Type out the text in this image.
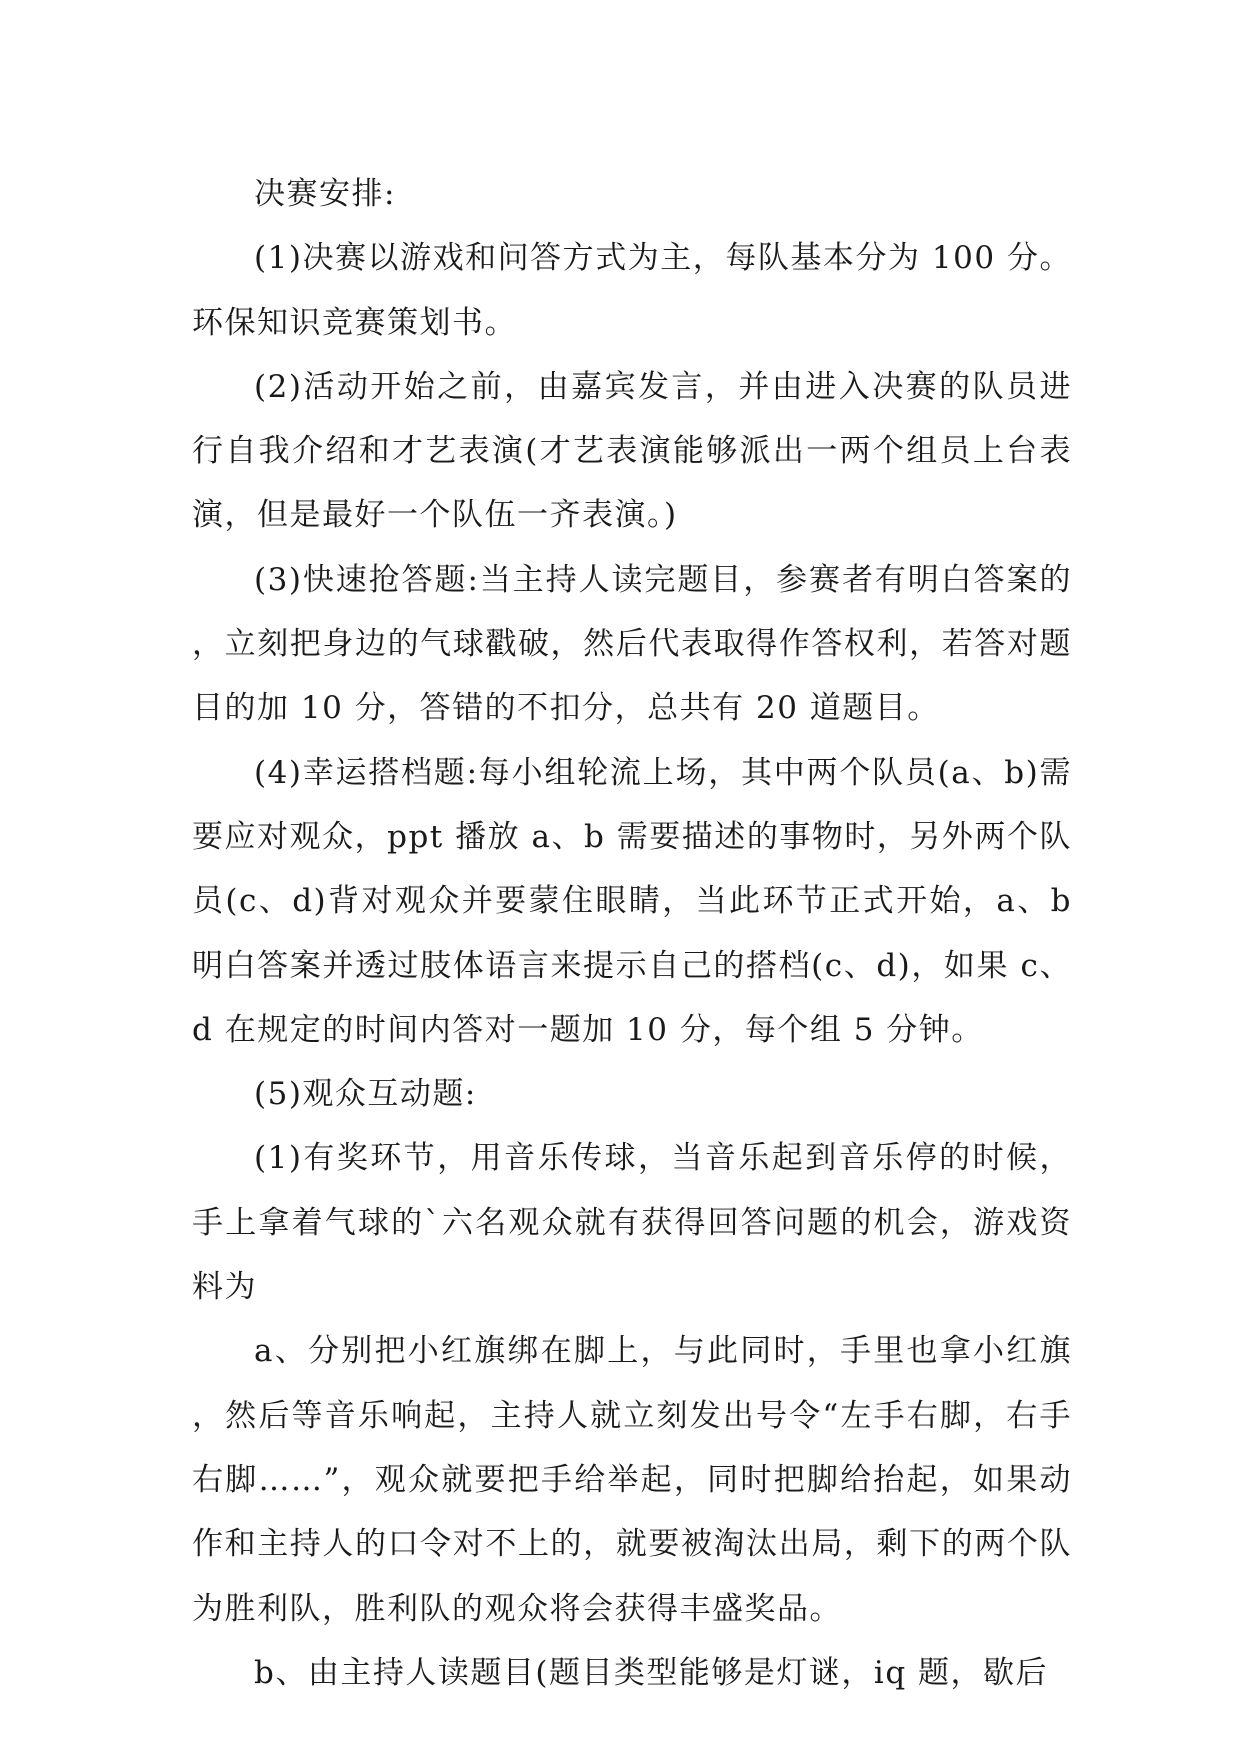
决赛安排:

(1)决赛以游戏和问答方式为主，每队基本分为 100 分。环保知识竞赛策划书。

(2)活动开始之前，由嘉宾发言，并由进入决赛的队员进行自我介绍和才艺表演(才艺表演能够派出一两个组员上台表演，但是最好一个队伍一齐表演。)

(3)快速抢答题:当主持人读完题目，参赛者有明白答案的，立刻把身边的气球戳破，然后代表取得作答权利，若答对题目的加 10 分，答错的不扣分，总共有 20 道题目。

(4)幸运搭档题:每小组轮流上场，其中两个队员(a、b)需要应对观众，ppt 播放 a、b 需要描述的事物时，另外两个队员(c、d)背对观众并要蒙住眼睛，当此环节正式开始，a、b 明白答案并透过肢体语言来提示自己的搭档(c、d)，如果 c、d 在规定的时间内答对一题加 10 分，每个组 5 分钟。

(5)观众互动题:

(1)有奖环节，用音乐传球，当音乐起到音乐停的时候，手上拿着气球的`六名观众就有获得回答问题的机会，游戏资料为

a、分别把小红旗绑在脚上，与此同时，手里也拿小红旗，然后等音乐响起，主持人就立刻发出号令“左手右脚，右手右脚……”，观众就要把手给举起，同时把脚给抬起，如果动作和主持人的口令对不上的，就要被淘汰出局，剩下的两个队为胜利队，胜利队的观众将会获得丰盛奖品。

b、由主持人读题目(题目类型能够是灯谜，iq 题，歇后
